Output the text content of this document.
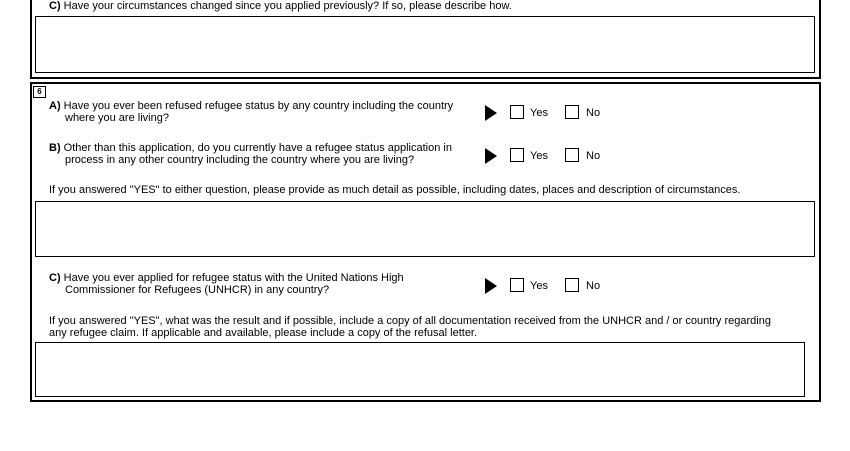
C) Have your circumstances changed since you applied previously? If so, please describe how.
6
A) Have you ever been refused refugee status by any country including the country
where you are living?	Yes	No
B) Other than this application, do you currently have a refugee status application in
process in any other country including the country where you are living?	Yes	No
If you answered "YES" to either question, please provide as much detail as possible, including dates, places and description of circumstances.
C) Have you ever applied for refugee status with the United Nations High
Commissioner for Refugees (UNHCR) in any country?	Yes	No
If you answered "YES", what was the result and if possible, include a copy of all documentation received from the UNHCR and / or country regarding
any refugee claim. If applicable and available, please include a copy of the refusal letter.
